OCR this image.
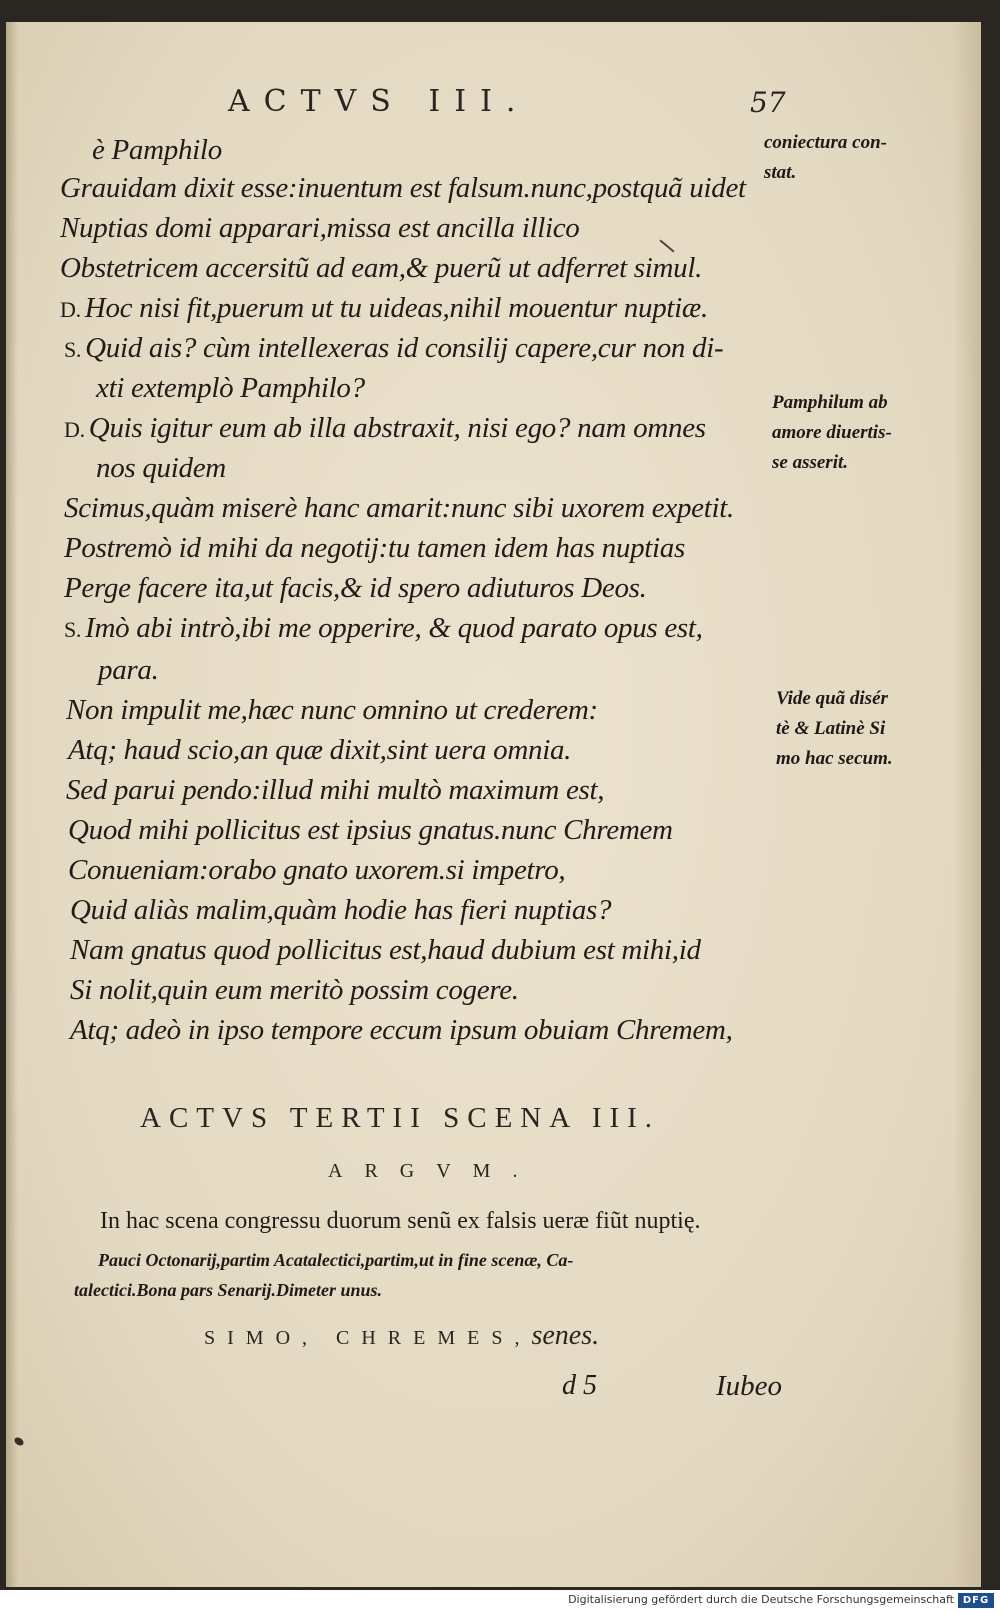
ACTVS III.	57
è Pamphilo
Grauidam dixit esse:inuentum est falsum.nunc,postquã uidet
Nuptias domi apparari,missa est ancilla illico
Obstetricem accersitũ ad eam,& puerũ ut adferret simul.
D. Hoc nisi fit,puerum ut tu uideas,nihil mouentur nuptiæ.
S. Quid ais? cùm intellexeras id consilij capere,cur non di-
xti extemplò Pamphilo?
D. Quis igitur eum ab illa abstraxit, nisi ego? nam omnes
nos quidem
Scimus,quàm miserè hanc amarit:nunc sibi uxorem expetit.
Postremò id mihi da negotij:tu tamen idem has nuptias
Perge facere ita,ut facis,& id spero adiuturos Deos.
S. Imò abi intrò,ibi me opperire, & quod parato opus est,
para.
Non impulit me,hæc nunc omnino ut crederem:
Atq; haud scio,an quæ dixit,sint uera omnia.
Sed parui pendo:illud mihi multò maximum est,
Quod mihi pollicitus est ipsius gnatus.nunc Chremem
Conueniam:orabo gnato uxorem.si impetro,
Quid aliàs malim,quàm hodie has fieri nuptias?
Nam gnatus quod pollicitus est,haud dubium est mihi,id
Si nolit,quin eum meritò possim cogere.
Atq; adeò in ipso tempore eccum ipsum obuiam Chremem,
coniectura con-
stat.
Pamphilum ab
amore diuertis-
se asserit.
Vide quã disér
tè & Latinè Si
mo hac secum.
ACTVS TERTII SCENA III.
ARGVM.
In hac scena congressu duorum senũ ex falsis ueræ fiũt nuptię.
Pauci Octonarij,partim Acatalectici,partim,ut in fine scenæ, Ca-
talectici.Bona pars Senarij.Dimeter unus.
SIMO, CHREMES,senes.
d 5	Iubeo
Digitalisierung gefördert durch die Deutsche Forschungsgemeinschaft DFG
